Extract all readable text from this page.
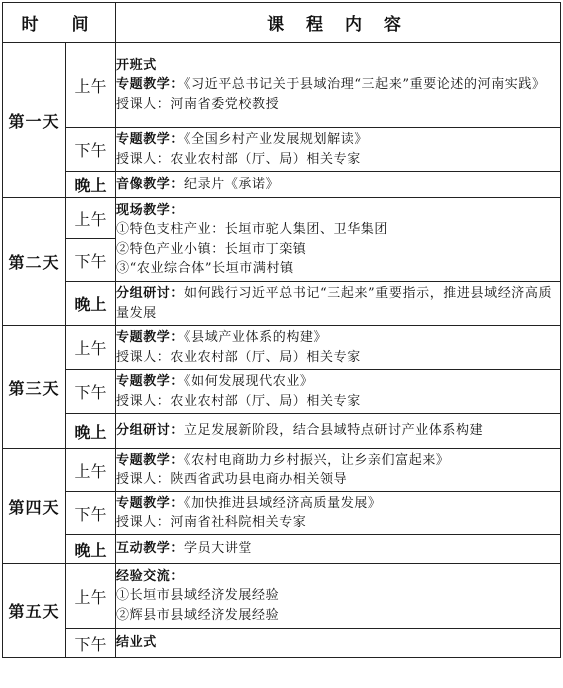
时　间		课 程 内 容
第一天	上午	开班式
专题教学：《习近平总书记关于县域治理“三起来”重要论述的河南实践》
授课人：河南省委党校教授

	下午	专题教学：《全国乡村产业发展规划解读》
授课人：农业农村部（厅、局）相关专家

	晚上	音像教学：纪录片《承诺》

第二天	上午	现场教学：
①特色支柱产业：长垣市驼人集团、卫华集团
②特色产业小镇：长垣市丁栾镇
③“农业综合体”长垣市满村镇

	下午	
	晚上	分组研讨：如何践行习近平总书记“三起来”重要指示，推进县域经济高质量发展

第三天	上午	专题教学：《县域产业体系的构建》
授课人：农业农村部（厅、局）相关专家

	下午	专题教学：《如何发展现代农业》
授课人：农业农村部（厅、局）相关专家

	晚上	分组研讨：立足发展新阶段，结合县域特点研讨产业体系构建

第四天	上午	专题教学：《农村电商助力乡村振兴，让乡亲们富起来》
授课人：陕西省武功县电商办相关领导

	下午	专题教学：《加快推进县域经济高质量发展》
授课人：河南省社科院相关专家

	晚上	互动教学：学员大讲堂

第五天	上午	经验交流：
①长垣市县域经济发展经验
②辉县市县域经济发展经验

	下午	结业式
